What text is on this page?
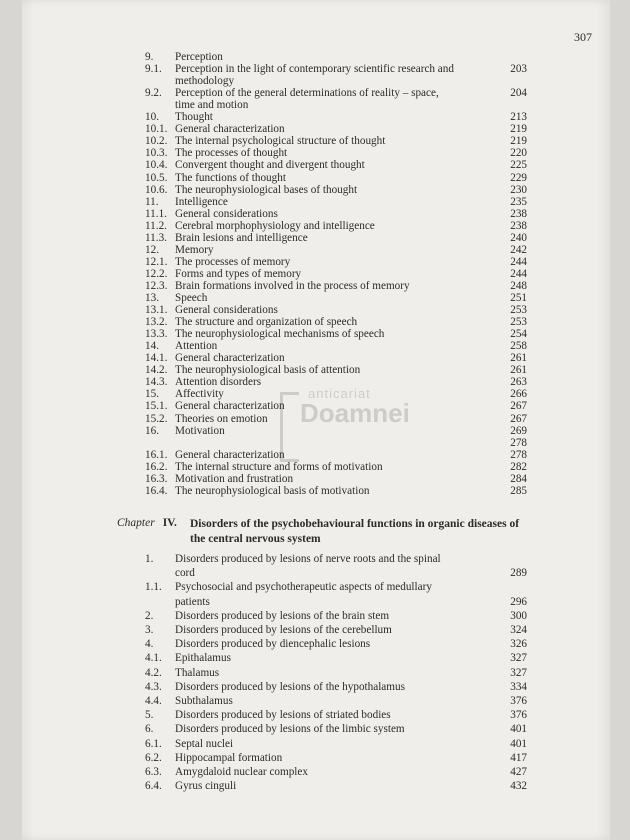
307
anticariat
Doamnei
9.	Perception
9.1.	Perception in the light of contemporary scientific research and	203
methodology
9.2.	Perception of the general determinations of reality – space,	204
time and motion
10.	Thought	213
10.1. General characterization	219
10.2. The internal psychological structure of thought	219
10.3. The processes of thought	220
10.4. Convergent thought and divergent thought	225
10.5. The functions of thought	229
10.6. The neurophysiological bases of thought	230
11.	Intelligence	235
11.1. General considerations	238
11.2. Cerebral morphophysiology and intelligence	238
11.3. Brain lesions and intelligence	240
12.	Memory	242
12.1. The processes of memory	244
12.2. Forms and types of memory	244
12.3. Brain formations involved in the process of memory	248
13.	Speech	251
13.1. General considerations	253
13.2. The structure and organization of speech	253
13.3. The neurophysiological mechanisms of speech	254
14.	Attention	258
14.1. General characterization	261
14.2. The neurophysiological basis of attention	261
14.3. Attention disorders	263
15.	Affectivity	266
15.1. General characterization	267
15.2. Theories on emotion	267
16.	Motivation	269
278
16.1. General characterization	278
16.2. The internal structure and forms of motivation	282
16.3. Motivation and frustration	284
16.4. The neurophysiological basis of motivation	285
Chapter IV. Disorders of the psychobehavioural functions in organic diseases of the central nervous system
1.	Disorders produced by lesions of nerve roots and the spinal
cord	289
1.1.	Psychosocial and psychotherapeutic aspects of medullary
patients	296
2.	Disorders produced by lesions of the brain stem	300
3.	Disorders produced by lesions of the cerebellum	324
4.	Disorders produced by diencephalic lesions	326
4.1.	Epithalamus	327
4.2.	Thalamus	327
4.3.	Disorders produced by lesions of the hypothalamus	334
4.4.	Subthalamus	376
5.	Disorders produced by lesions of striated bodies	376
6.	Disorders produced by lesions of the limbic system	401
6.1.	Septal nuclei	401
6.2.	Hippocampal formation	417
6.3.	Amygdaloid nuclear complex	427
6.4.	Gyrus cinguli	432
